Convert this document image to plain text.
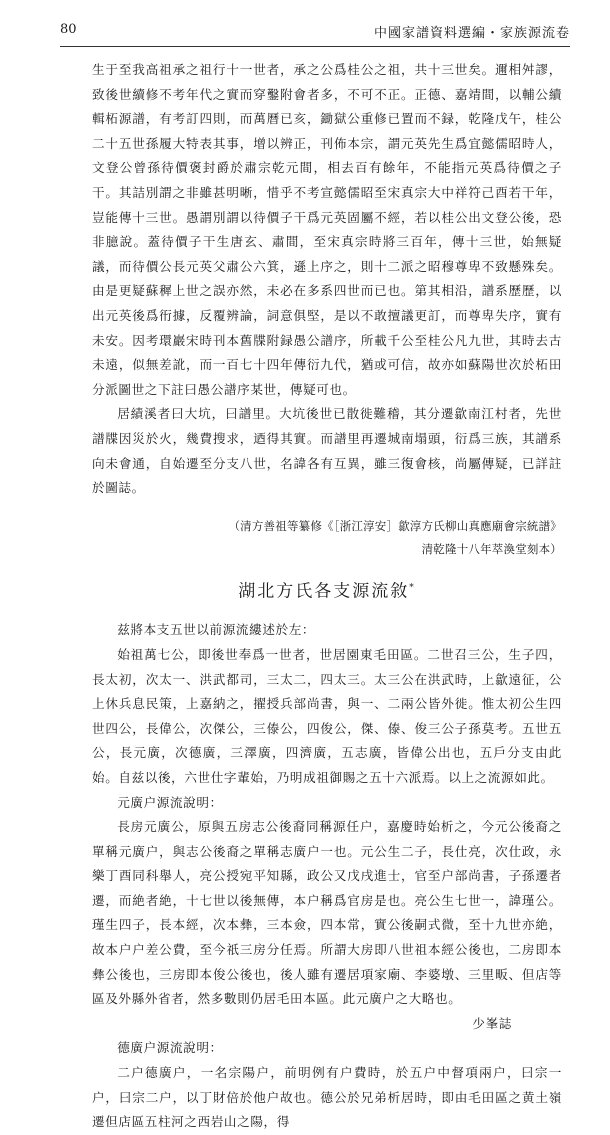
80	中國家譜資料選編・家族源流卷

生于至我高祖承之祖行十一世者，承之公爲桂公之祖，共十三世矣。邇相舛謬，致後世續修不考年代之實而穿鑿附會者多，不可不正。正德、嘉靖間，以輔公續輯柘源譜，有考訂四則，而萬曆已亥，鋤獄公重修已置而不録，乾隆戊午，桂公二十五世孫履大特表其事，增以辨正，刊佈本宗，謂元英先生爲宜懿儒昭時人，文登公曾孫待價褒封爵於肅宗乾元間，相去百有餘年，不能指元英爲待價之子干。其詰別謂之非雖甚明晰，惜乎不考宣懿儒昭至宋真宗大中祥符己酉若干年，豈能傳十三世。愚謂別謂以待價子干爲元英固屬不經，若以桂公出文登公後，恐非臆說。蓋待價子干生唐玄、肅間，至宋真宗時將三百年，傳十三世，始無疑議，而待價公長元英父肅公六箕，遜上序之，則十二派之昭穆尊卑不致懸殊矣。由是更疑蘇穉上世之誤亦然，未必在多系四世而已也。第其相沿，譜系歷歷，以出元英後爲衎據，反覆辨論，詞意俱堅，是以不敢擅議更訂，而尊卑失序，實有未安。因考環巖宋時刊本舊牒附録愚公譜序，所載千公至桂公凡九世，其時去古未遠，似無差訛，而一百七十四年傳衍九代，猶或可信，故亦如蘇陽世次於柘田分派圖世之下註曰愚公譜序某世，傳疑可也。

居績溪者曰大坑，曰譜里。大坑後世已散徙難稽，其分遷歙南江村者，先世譜牒因災於火，幾費搜求，迺得其實。而譜里再遷城南塌頭，衍爲三族，其譜系向未會通，自始遷至分支八世，名諱各有互異，雖三復會核，尚屬傳疑，已詳註於圖誌。

（清方善祖等纂修《［浙江淳安］歙淳方氏柳山真應廟會宗統譜》
清乾隆十八年萃渙堂刻本）
湖北方氏各支源流敘*

兹將本支五世以前源流縷述於左：

始祖萬七公，即後世奉爲一世者，世居園東毛田區。二世召三公，生子四，長太初，次太一、洪武都司，三太二，四太三。太三公在洪武時，上歙遠征，公上休兵息民策，上嘉納之，擢授兵部尚書，與一、二兩公皆外徙。惟太初公生四世四公，長偉公，次傑公，三傣公，四俊公，傑、傣、俊三公子孫莫考。五世五公，長元廣，次德廣，三澤廣，四濟廣，五志廣，皆偉公出也，五戶分支由此始。自兹以後，六世仕字輩始，乃明成祖御賜之五十六派焉。以上之流源如此。

元廣户源流說明：

長房元廣公，原與五房志公後裔同稱源任户，嘉慶時始析之，今元公後裔之單稱元廣户，與志公後裔之單稱志廣户一也。元公生二子，長仕亮，次仕政，永樂丁酉同科舉人，亮公授宛平知縣，政公又戊戌進士，官至户部尚書，子孫遷者遷，而絶者絶，十七世以後無傳，本户稱爲官房是也。亮公生七世一，諱瑾公。瑾生四子，長本經，次本彝，三本僉，四本常，實公後嗣式微，至十九世亦絶，故本户户差公費，至今祇三房分任焉。所謂大房即八世祖本經公後也，二房即本彝公後也，三房即本俊公後也，後人雖有遷居項家廟、李婆墩、三里畈、但店等區及外縣外省者，然多數則仍居毛田本區。此元廣户之大略也。

少峯誌

德廣户源流說明：

二户德廣户，一名宗陽户，前明例有户費時，於五户中督項兩户，曰宗一户，曰宗二户，以丁財倍於他户故也。德公於兄弟析居時，即由毛田區之黄土嶺遷但店區五柱河之西岩山之陽，得
